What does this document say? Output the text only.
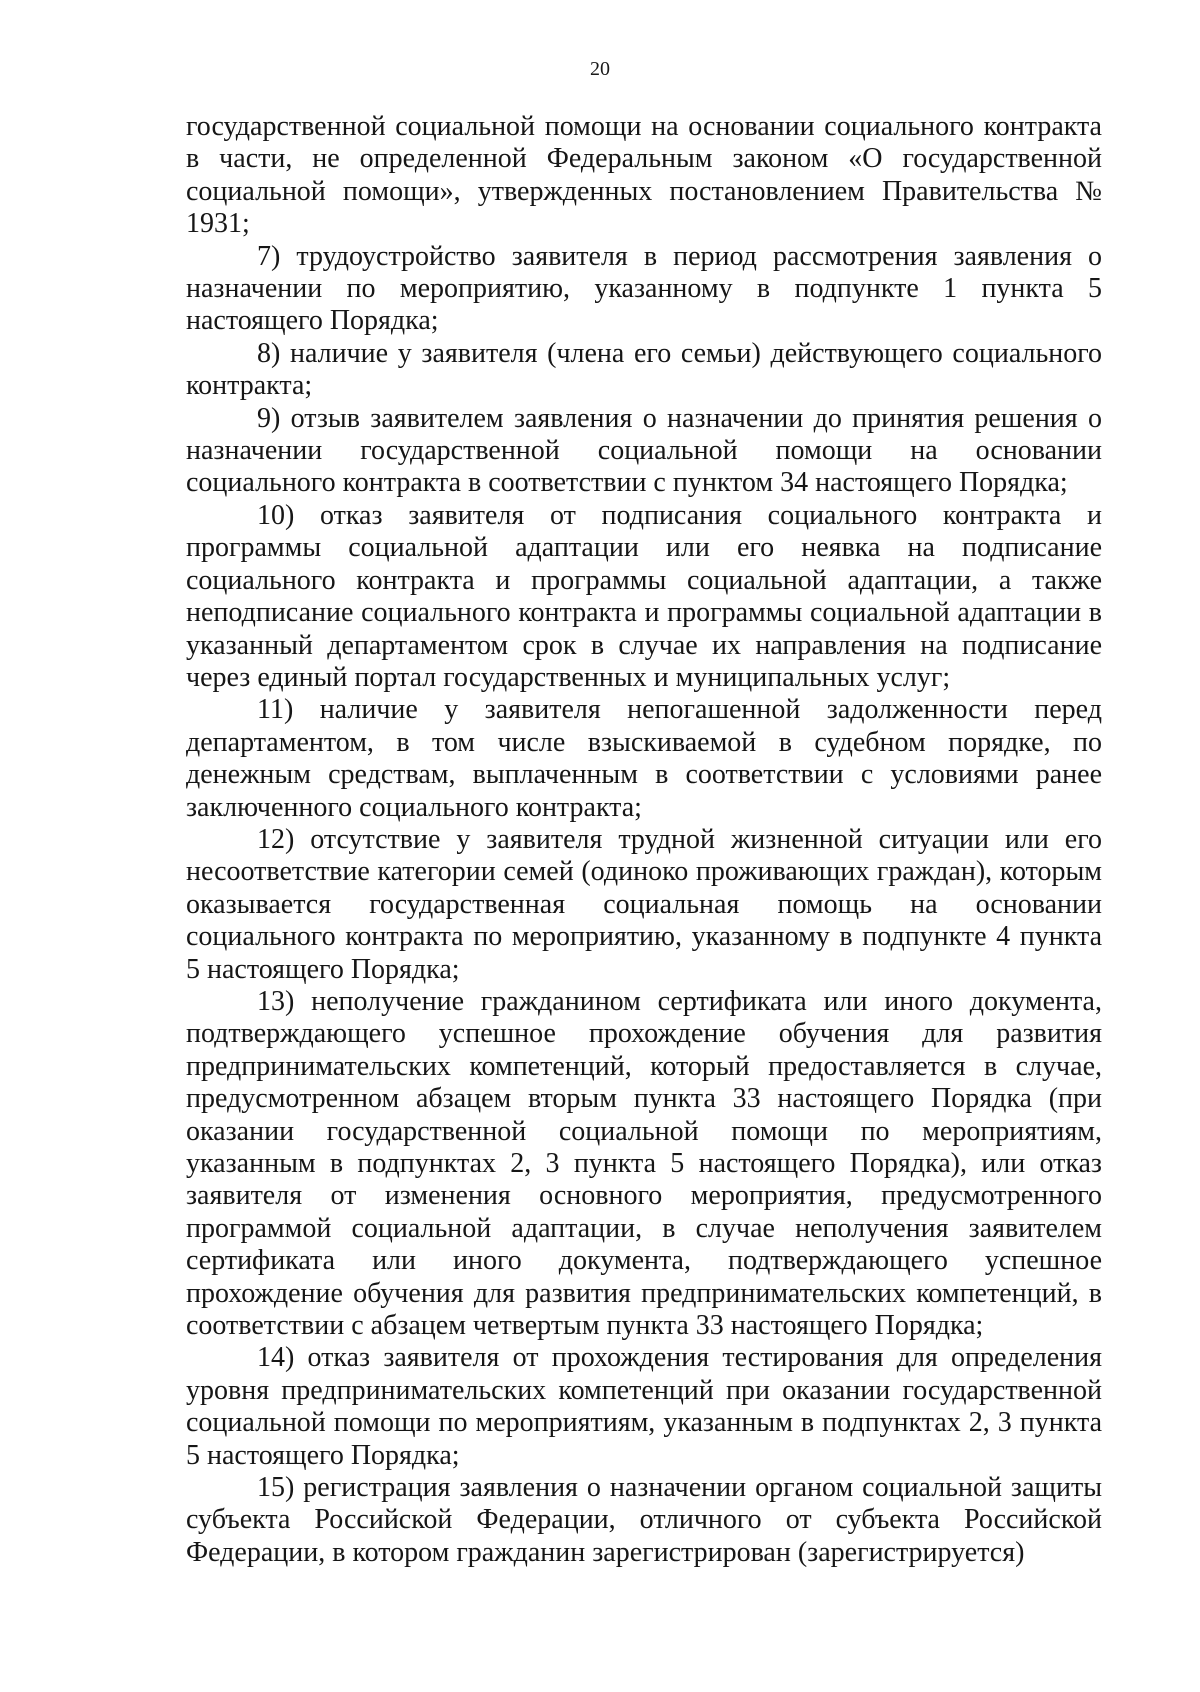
20

государственной социальной помощи на основании социального контракта в части, не определенной Федеральным законом «О государственной социальной помощи», утвержденных постановлением Правительства № 1931;

7) трудоустройство заявителя в период рассмотрения заявления о назначении по мероприятию, указанному в подпункте 1 пункта 5 настоящего Порядка;

8) наличие у заявителя (члена его семьи) действующего социального контракта;

9) отзыв заявителем заявления о назначении до принятия решения о назначении государственной социальной помощи на основании социального контракта в соответствии с пунктом 34 настоящего Порядка;

10) отказ заявителя от подписания социального контракта и программы социальной адаптации или его неявка на подписание социального контракта и программы социальной адаптации, а также неподписание социального контракта и программы социальной адаптации в указанный департаментом срок в случае их направления на подписание через единый портал государственных и муниципальных услуг;

11) наличие у заявителя непогашенной задолженности перед департаментом, в том числе взыскиваемой в судебном порядке, по денежным средствам, выплаченным в соответствии с условиями ранее заключенного социального контракта;

12) отсутствие у заявителя трудной жизненной ситуации или его несоответствие категории семей (одиноко проживающих граждан), которым оказывается государственная социальная помощь на основании социального контракта по мероприятию, указанному в подпункте 4 пункта 5 настоящего Порядка;

13) неполучение гражданином сертификата или иного документа, подтверждающего успешное прохождение обучения для развития предпринимательских компетенций, который предоставляется в случае, предусмотренном абзацем вторым пункта 33 настоящего Порядка (при оказании государственной социальной помощи по мероприятиям, указанным в подпунктах 2, 3 пункта 5 настоящего Порядка), или отказ заявителя от изменения основного мероприятия, предусмотренного программой социальной адаптации, в случае неполучения заявителем сертификата или иного документа, подтверждающего успешное прохождение обучения для развития предпринимательских компетенций, в соответствии с абзацем четвертым пункта 33 настоящего Порядка;

14) отказ заявителя от прохождения тестирования для определения уровня предпринимательских компетенций при оказании государственной социальной помощи по мероприятиям, указанным в подпунктах 2, 3 пункта 5 настоящего Порядка;

15) регистрация заявления о назначении органом социальной защиты субъекта Российской Федерации, отличного от субъекта Российской Федерации, в котором гражданин зарегистрирован (зарегистрируется)
